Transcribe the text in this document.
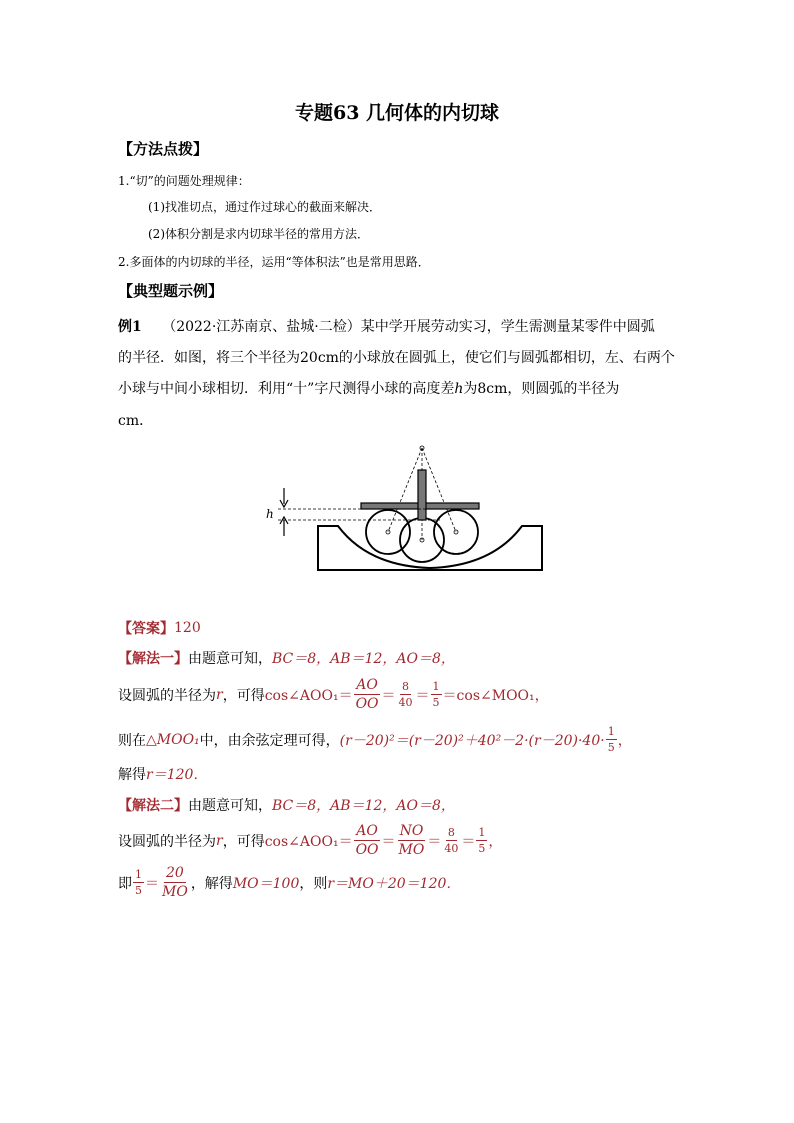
专题63 几何体的内切球
【方法点拨】
1.“切”的问题处理规律：
(1)找准切点，通过作过球心的截面来解决．
(2)体积分割是求内切球半径的常用方法．
2.多面体的内切球的半径，运用“等体积法”也是常用思路．
【典型题示例】
例1 （2022·江苏南京、盐城·二检）某中学开展劳动实习，学生需测量某零件中圆弧
的半径．如图，将三个半径为20cm的小球放在圆弧上，使它们与圆弧都相切，左、右两个
小球与中间小球相切．利用“十”字尺测得小球的高度差h为8cm，则圆弧的半径为
cm．
h
【答案】 120
【解法一】 由题意可知， BC＝8，AB＝12，AO＝8，
设圆弧的半径为 r ，可得 cos∠AOO₁＝ $\frac{AO}{OO} = \frac{8}{40} = \frac{1}{5}$ ＝cos∠MOO₁，
则在 △MOO₁ 中，由余弦定理可得， $(r-20)^2=(r-20)^2+40^2-2\cdot(r-20)\cdot 40\cdot \frac{1}{5}$ ，
解得 r＝120．
【解法二】 由题意可知， BC＝8，AB＝12，AO＝8，
设圆弧的半径为 r ，可得 cos∠AOO₁＝ $\frac{AO}{OO} = \frac{NO}{MO} = \frac{8}{40} = \frac{1}{5}$ ，
即 $\frac{1}{5} = \frac{20}{MO}$ ，解得 MO＝100 ，则 r＝MO＋20＝120．
